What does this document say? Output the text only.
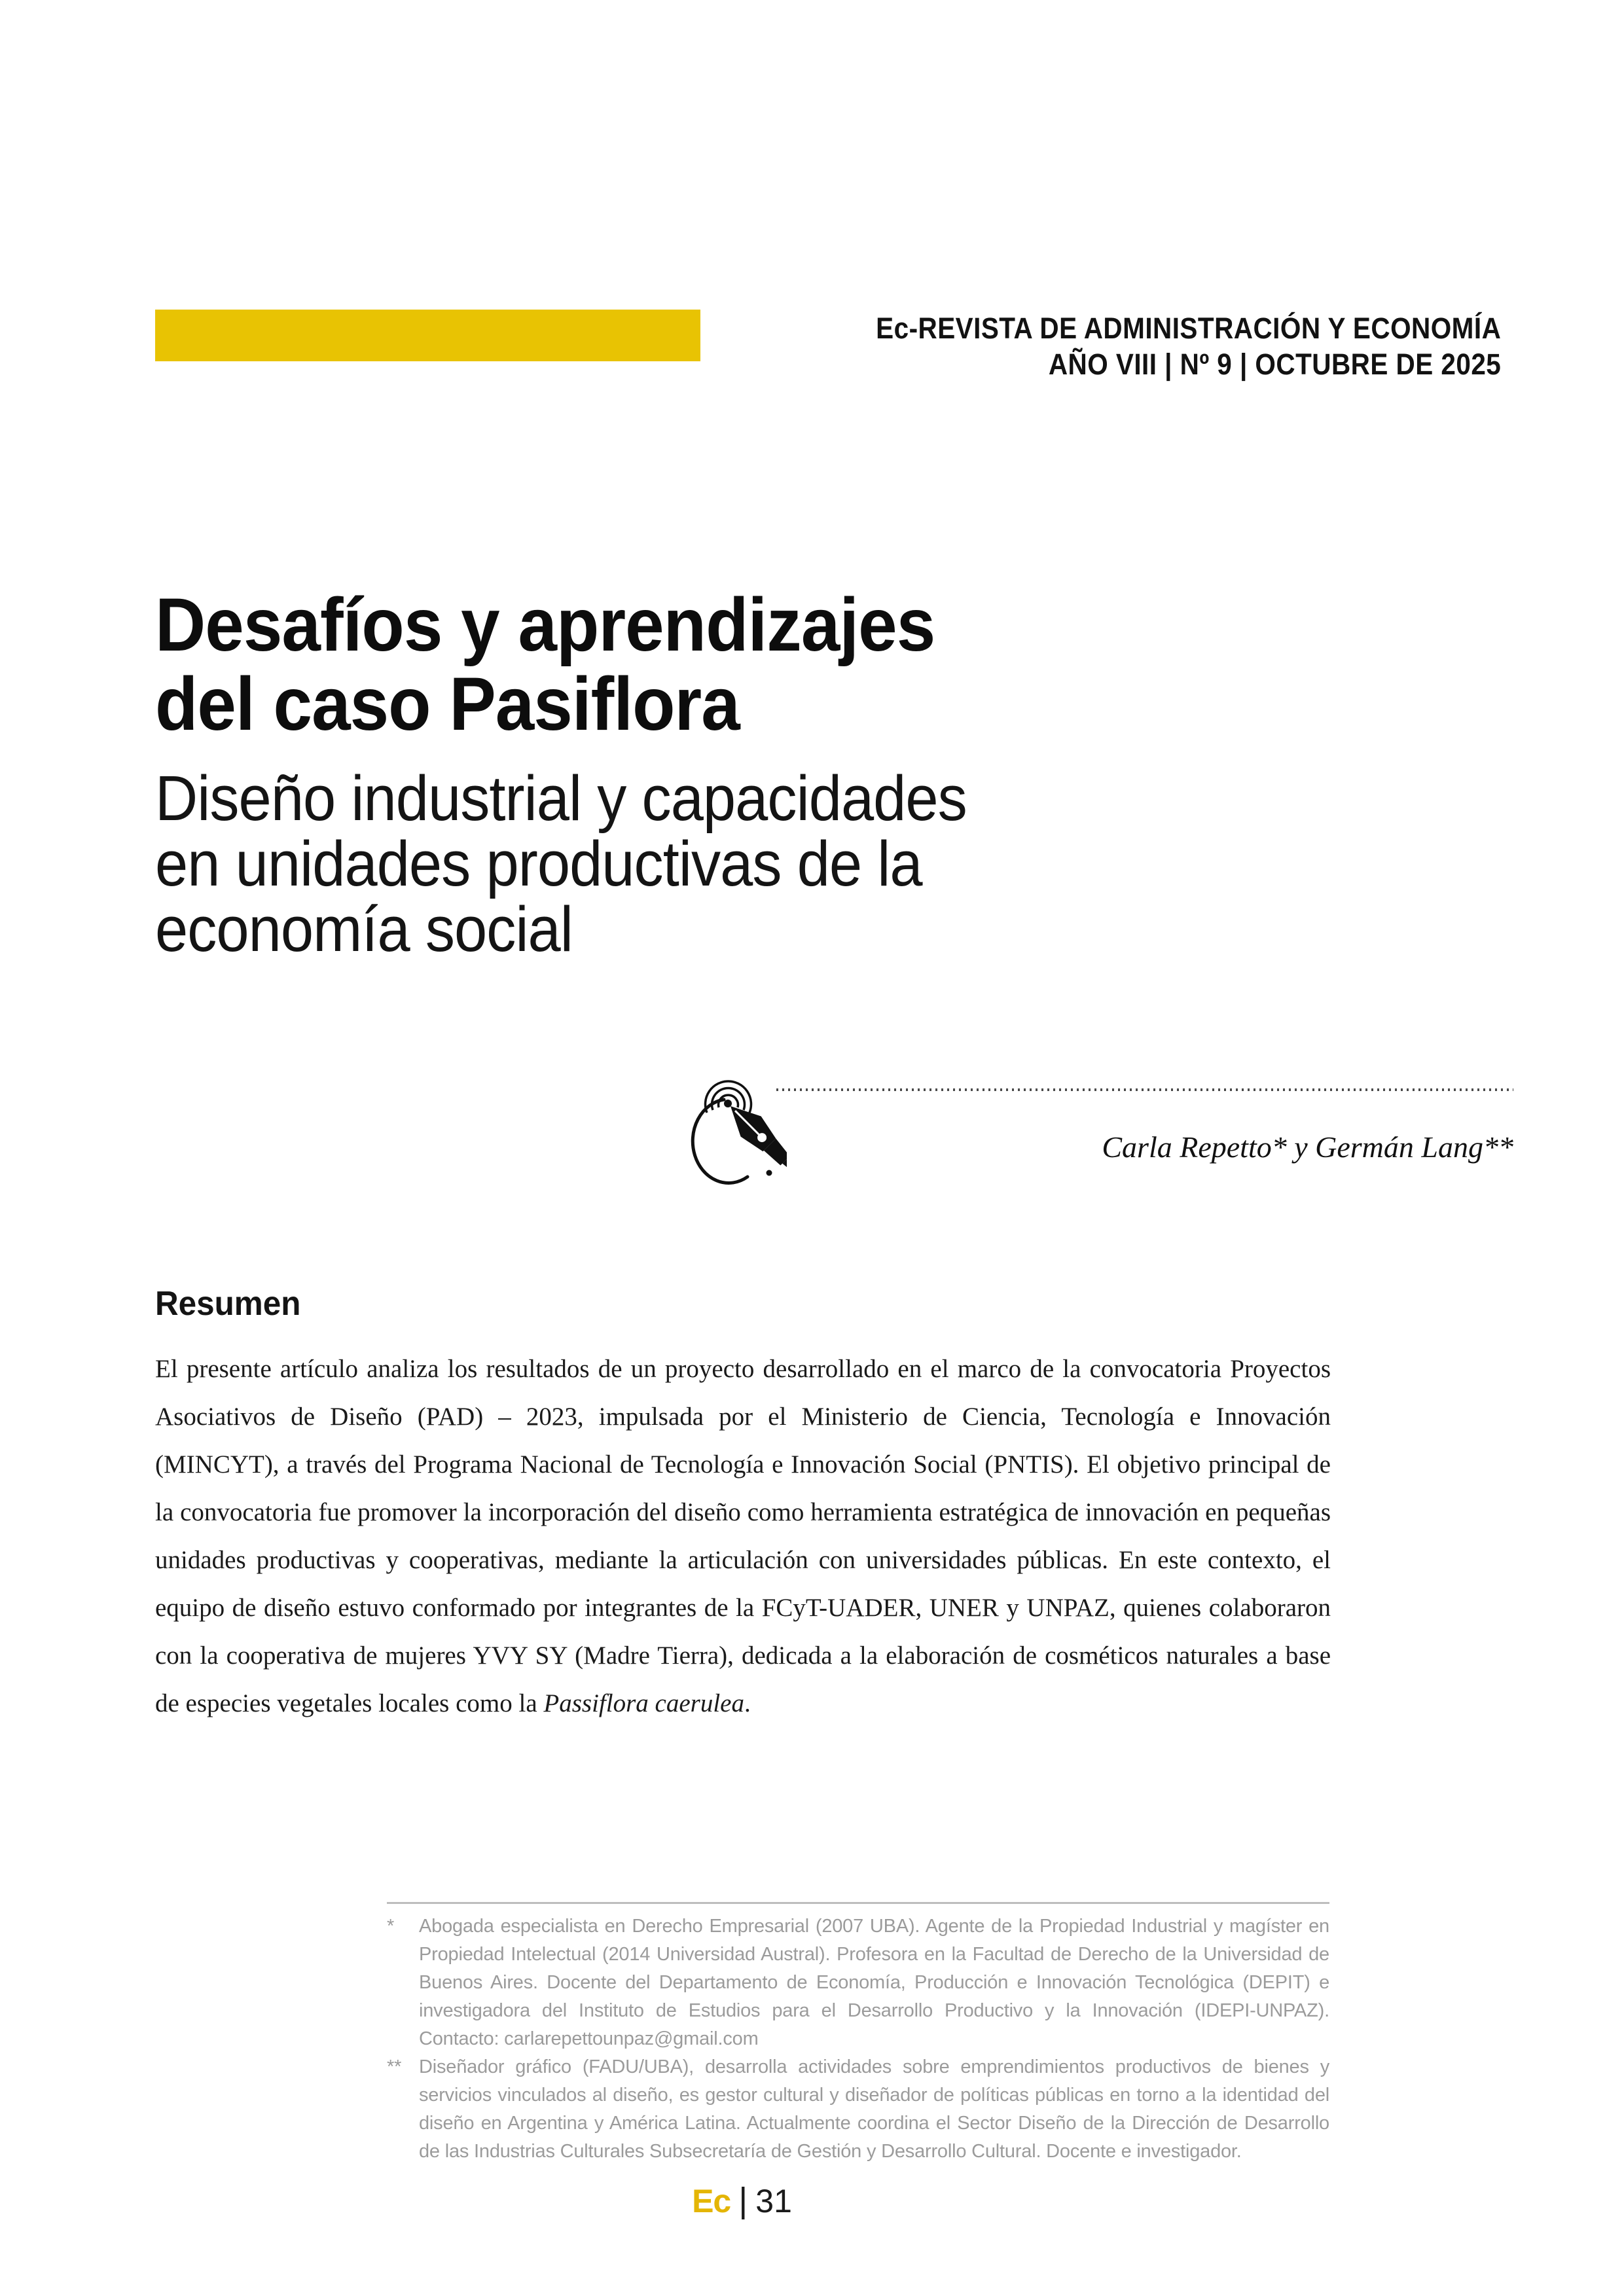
Ec-REVISTA DE ADMINISTRACIÓN Y ECONOMÍA
AÑO VIII | Nº 9 | OCTUBRE DE 2025
Desafíos y aprendizajes
del caso Pasiflora
Diseño industrial y capacidades
en unidades productivas de la
economía social
Carla Repetto* y Germán Lang**
Resumen
El presente artículo analiza los resultados de un proyecto desarrollado en el marco de la convocatoria Proyectos Asociativos de Diseño (PAD) – 2023, impulsada por el Ministerio de Ciencia, Tecnología e Innovación (MINCYT), a través del Programa Nacional de Tecnología e Innovación Social (PNTIS). El objetivo principal de la convocatoria fue promover la incorporación del diseño como herramienta estratégica de innovación en pequeñas unidades productivas y cooperativas, mediante la articulación con universidades públicas. En este contexto, el equipo de diseño estuvo conformado por integrantes de la FCyT-UADER, UNER y UNPAZ, quienes colaboraron con la cooperativa de mujeres YVY SY (Madre Tierra), dedicada a la elaboración de cosméticos naturales a base de especies vegetales locales como la Passiflora caerulea.
*	Abogada especialista en Derecho Empresarial (2007 UBA). Agente de la Propiedad Industrial y magíster en Propiedad Intelectual (2014 Universidad Austral). Profesora en la Facultad de Derecho de la Universidad de Buenos Aires. Docente del Departamento de Economía, Producción e Innovación Tecnológica (DEPIT) e investigadora del Instituto de Estudios para el Desarrollo Productivo y la Innovación (IDEPI-UNPAZ). Contacto: carlarepettounpaz@gmail.com
** Diseñador gráfico (FADU/UBA), desarrolla actividades sobre emprendimientos productivos de bienes y servicios vinculados al diseño, es gestor cultural y diseñador de políticas públicas en torno a la identidad del diseño en Argentina y América Latina. Actualmente coordina el Sector Diseño de la Dirección de Desarrollo de las Industrias Culturales Subsecretaría de Gestión y Desarrollo Cultural. Docente e investigador.
Ec | 31
